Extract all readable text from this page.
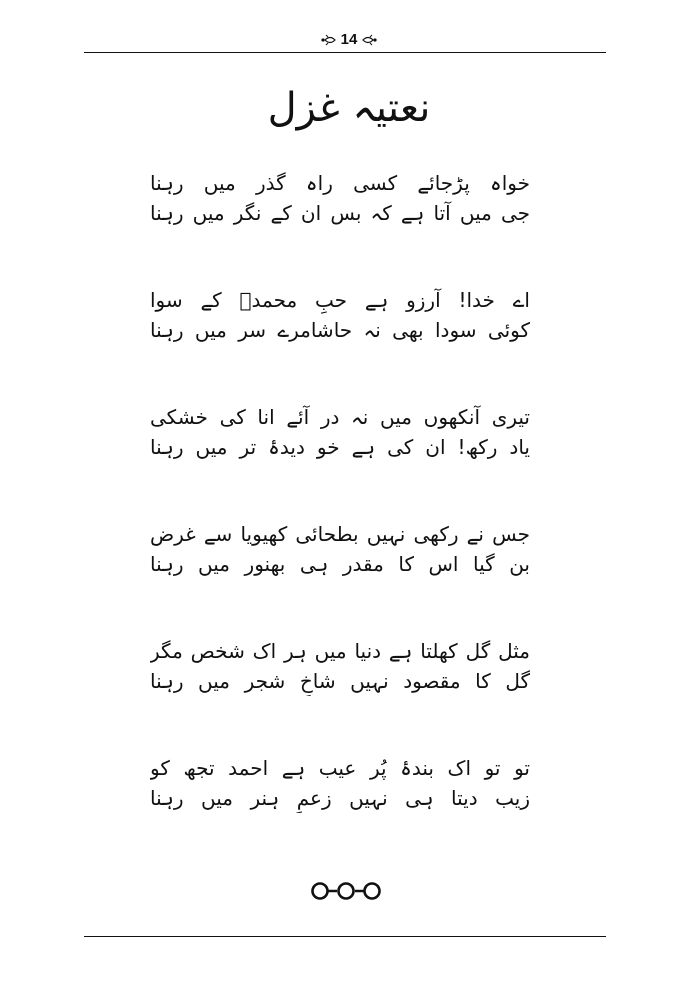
14
نعتیہ غزل
خواہ پڑجائے کسی راہ گذر میں رہنا
جی میں آتا ہے کہ بس ان کے نگر میں رہنا
اے خدا! آرزو ہے حبِ محمدؐ کے سوا
کوئی سودا بھی نہ حاشامرے سر میں رہنا
تیری آنکھوں میں نہ در آئے انا کی خشکی
یاد رکھ! ان کی ہے خو دیدۂ تر میں رہنا
جس نے رکھی نہیں بطحائی کھیویا سے غرض
بن گیا اس کا مقدر ہی بھنور میں رہنا
مثل گل کھلتا ہے دنیا میں ہر اک شخص مگر
گل کا مقصود نہیں شاخِ شجر میں رہنا
تو تو اک بندۂ پُر عیب ہے احمد تجھ کو
زیب دیتا ہی نہیں زعمِ ہنر میں رہنا
